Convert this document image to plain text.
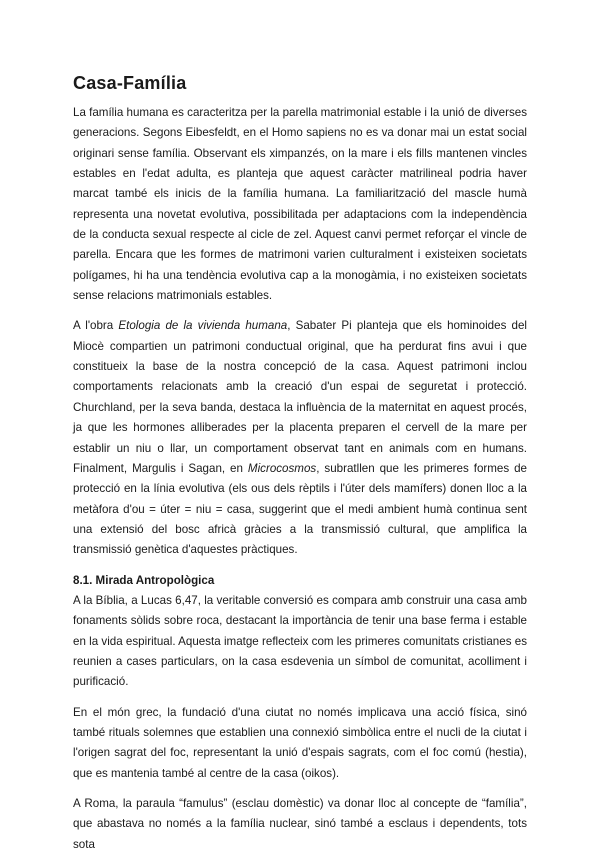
Casa-Família

La família humana es caracteritza per la parella matrimonial estable i la unió de diverses generacions. Segons Eibesfeldt, en el Homo sapiens no es va donar mai un estat social originari sense família. Observant els ximpanzés, on la mare i els fills mantenen vincles estables en l'edat adulta, es planteja que aquest caràcter matrilineal podria haver marcat també els inicis de la família humana. La familiarització del mascle humà representa una novetat evolutiva, possibilitada per adaptacions com la independència de la conducta sexual respecte al cicle de zel. Aquest canvi permet reforçar el vincle de parella. Encara que les formes de matrimoni varien culturalment i existeixen societats polígames, hi ha una tendència evolutiva cap a la monogàmia, i no existeixen societats sense relacions matrimonials estables.

A l'obra Etologia de la vivienda humana, Sabater Pi planteja que els hominoides del Miocè compartien un patrimoni conductual original, que ha perdurat fins avui i que constitueix la base de la nostra concepció de la casa. Aquest patrimoni inclou comportaments relacionats amb la creació d'un espai de seguretat i protecció. Churchland, per la seva banda, destaca la influència de la maternitat en aquest procés, ja que les hormones alliberades per la placenta preparen el cervell de la mare per establir un niu o llar, un comportament observat tant en animals com en humans. Finalment, Margulis i Sagan, en Microcosmos, subratllen que les primeres formes de protecció en la línia evolutiva (els ous dels rèptils i l'úter dels mamífers) donen lloc a la metàfora d'ou = úter = niu = casa, suggerint que el medi ambient humà continua sent una extensió del bosc africà gràcies a la transmissió cultural, que amplifica la transmissió genètica d'aquestes pràctiques.

8.1. Mirada Antropològica

A la Bíblia, a Lucas 6,47, la veritable conversió es compara amb construir una casa amb fonaments sòlids sobre roca, destacant la importància de tenir una base ferma i estable en la vida espiritual. Aquesta imatge reflecteix com les primeres comunitats cristianes es reunien a cases particulars, on la casa esdevenia un símbol de comunitat, acolliment i purificació.

En el món grec, la fundació d'una ciutat no només implicava una acció física, sinó també rituals solemnes que establien una connexió simbòlica entre el nucli de la ciutat i l'origen sagrat del foc, representant la unió d'espais sagrats, com el foc comú (hestia), que es mantenia també al centre de la casa (oikos).

A Roma, la paraula “famulus” (esclau domèstic) va donar lloc al concepte de “família”, que abastava no només a la família nuclear, sinó també a esclaus i dependents, tots sota
